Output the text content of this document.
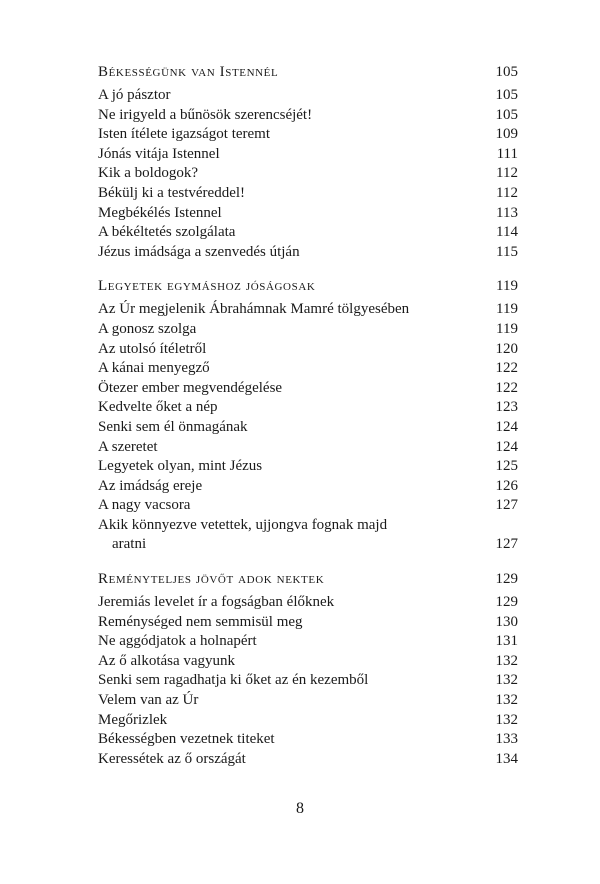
Békességünk van Istennél	105
A jó pásztor	105
Ne irigyeld a bűnösök szerencséjét!	105
Isten ítélete igazságot teremt	109
Jónás vitája Istennel	111
Kik a boldogok?	112
Békülj ki a testvéreddel!	112
Megbékélés Istennel	113
A békéltetés szolgálata	114
Jézus imádsága a szenvedés útján	115
Legyetek egymáshoz jóságosak	119
Az Úr megjelenik Ábrahámnak Mamré tölgyesében	119
A gonosz szolga	119
Az utolsó ítéletről	120
A kánai menyegző	122
Ötezer ember megvendégelése	122
Kedvelte őket a nép	123
Senki sem él önmagának	124
A szeretet	124
Legyetek olyan, mint Jézus	125
Az imádság ereje	126
A nagy vacsora	127
Akik könnyezve vetettek, ujjongva fognak majd
aratni	127
Reményteljes jövőt adok nektek	129
Jeremiás levelet ír a fogságban élőknek	129
Reménységed nem semmisül meg	130
Ne aggódjatok a holnapért	131
Az ő alkotása vagyunk	132
Senki sem ragadhatja ki őket az én kezemből	132
Velem van az Úr	132
Megőrizlek	132
Békességben vezetnek titeket	133
Keressétek az ő országát	134
8
